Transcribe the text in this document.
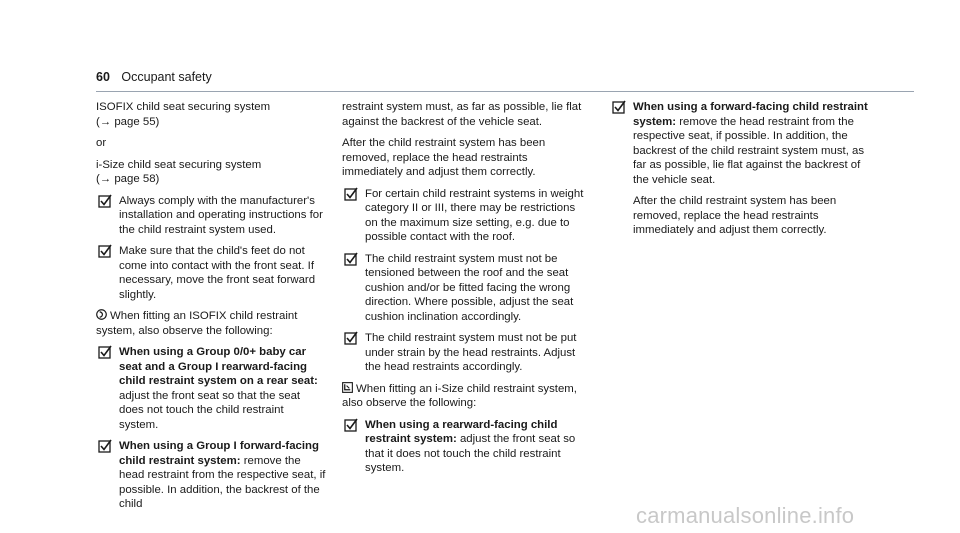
60 Occupant safety
ISOFIX child seat securing system
(→ page 55)
or
i-Size child seat securing system
(→ page 58)
Always comply with the manufacturer's installation and operating instructions for the child restraint system used.
Make sure that the child's feet do not come into contact with the front seat. If necessary, move the front seat forward slightly.
When fitting an ISOFIX child restraint system, also observe the following:
When using a Group 0/0+ baby car seat and a Group I rearward-facing child restraint system on a rear seat: adjust the front seat so that the seat does not touch the child restraint system.
When using a Group I forward-facing child restraint system: remove the head restraint from the respective seat, if possible. In addition, the backrest of the child
restraint system must, as far as possible, lie flat against the backrest of the vehicle seat.
After the child restraint system has been removed, replace the head restraints immediately and adjust them correctly.
For certain child restraint systems in weight category II or III, there may be restrictions on the maximum size setting, e.g. due to possible contact with the roof.
The child restraint system must not be tensioned between the roof and the seat cushion and/or be fitted facing the wrong direction. Where possible, adjust the seat cushion inclination accordingly.
The child restraint system must not be put under strain by the head restraints. Adjust the head restraints accordingly.
When fitting an i-Size child restraint system, also observe the following:
When using a rearward-facing child restraint system: adjust the front seat so that it does not touch the child restraint system.
When using a forward-facing child restraint system: remove the head restraint from the respective seat, if possible. In addition, the backrest of the child restraint system must, as far as possible, lie flat against the backrest of the vehicle seat.
After the child restraint system has been removed, replace the head restraints immediately and adjust them correctly.
carmanualsonline.info
